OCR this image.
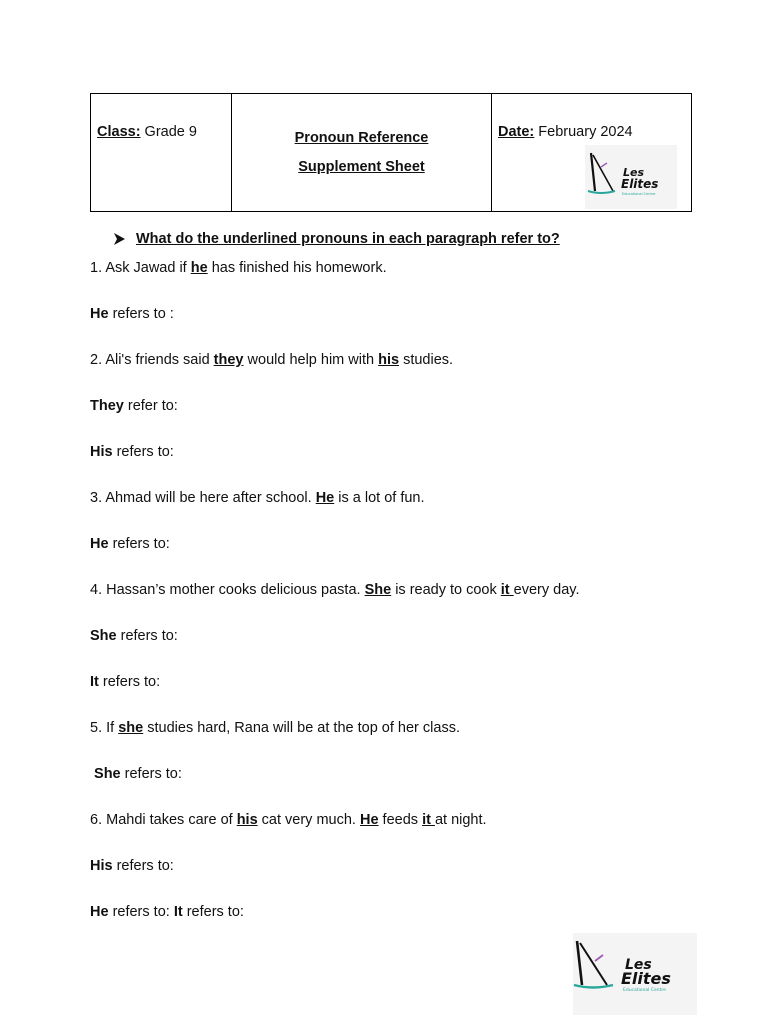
Class: Grade 9	Pronoun Reference
Supplement Sheet
Date: February 2024
Les
Elites
Educational Centre
What do the underlined pronouns in each paragraph refer to?
1. Ask Jawad if he has finished his homework.
He refers to :
2. Ali's friends said they would help him with his studies.
They refer to:
His refers to:
3. Ahmad will be here after school. He is a lot of fun.
He refers to:
4. Hassan’s mother cooks delicious pasta. She is ready to cook it every day.
She refers to:
It refers to:
5. If she studies hard, Rana will be at the top of her class.
She refers to:
6. Mahdi takes care of his cat very much. He feeds it at night.
His refers to:
He refers to: It refers to:
Les
Elites
Educational Centre
